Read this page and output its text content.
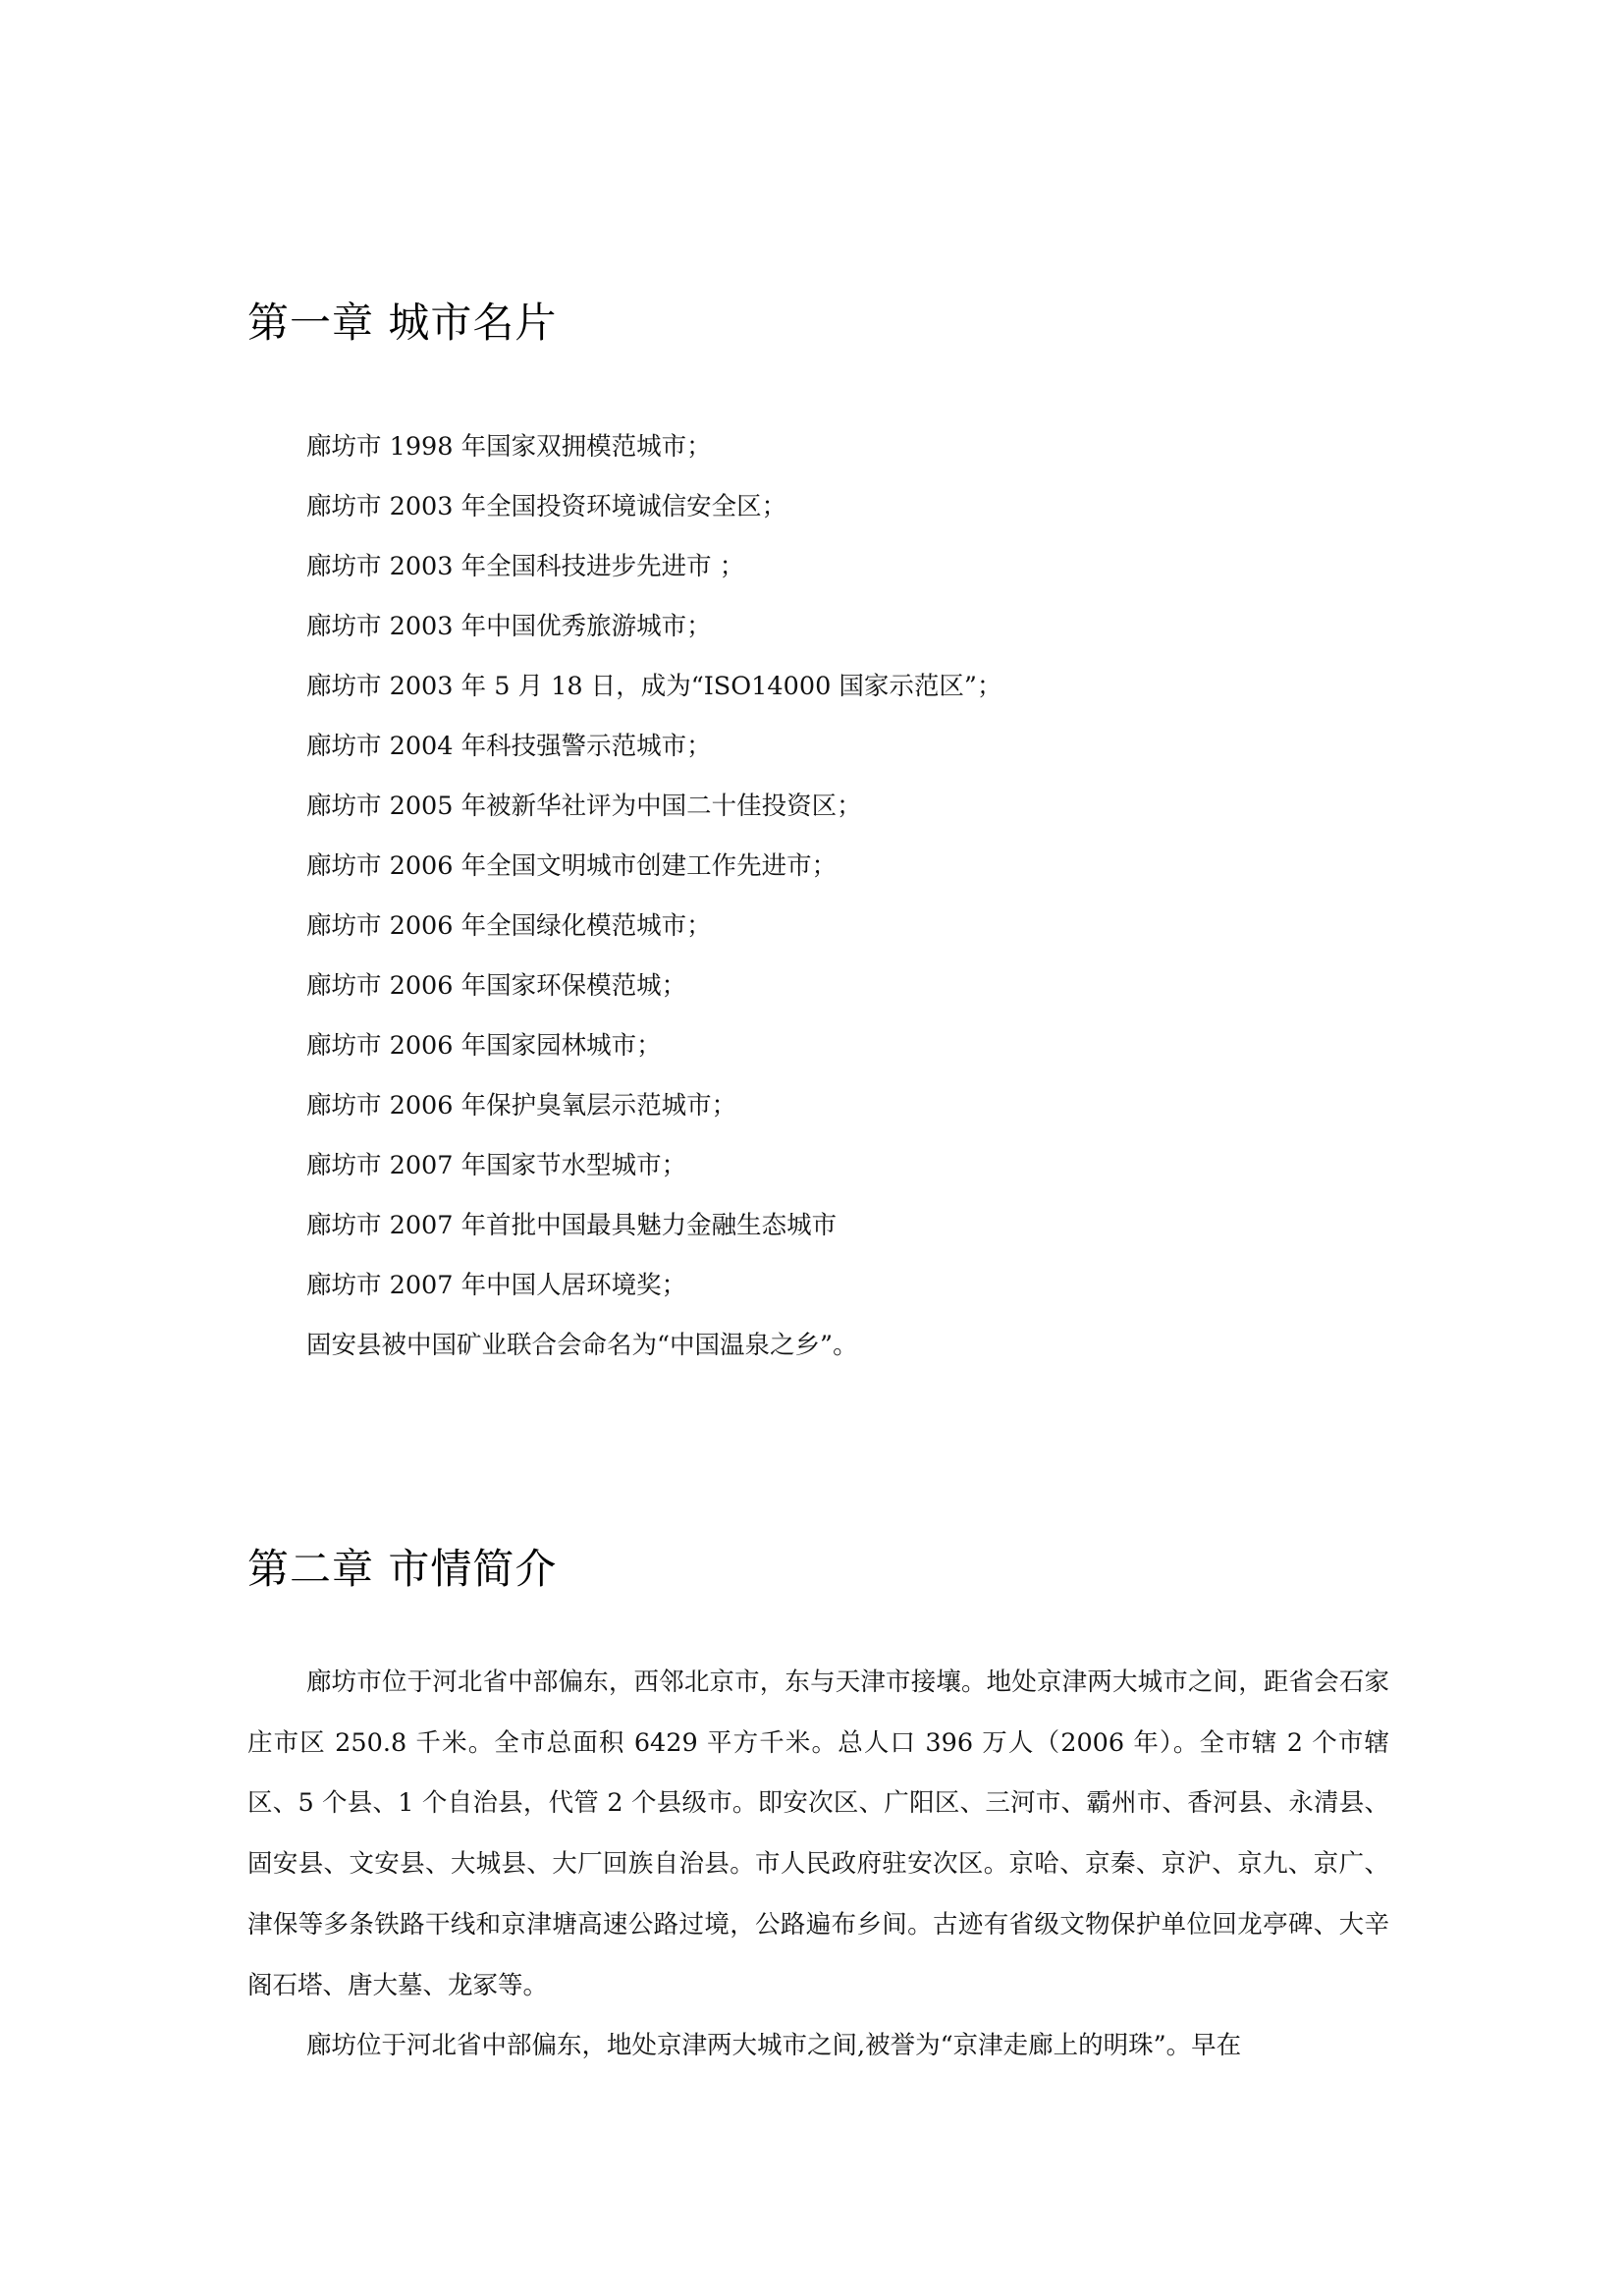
第一章 城市名片
廊坊市 1998 年国家双拥模范城市；
廊坊市 2003 年全国投资环境诚信安全区；
廊坊市 2003 年全国科技进步先进市 ；
廊坊市 2003 年中国优秀旅游城市；
廊坊市 2003 年 5 月 18 日，成为“ISO14000 国家示范区”；
廊坊市 2004 年科技强警示范城市；
廊坊市 2005 年被新华社评为中国二十佳投资区；
廊坊市 2006 年全国文明城市创建工作先进市；
廊坊市 2006 年全国绿化模范城市；
廊坊市 2006 年国家环保模范城；
廊坊市 2006 年国家园林城市；
廊坊市 2006 年保护臭氧层示范城市；
廊坊市 2007 年国家节水型城市；
廊坊市 2007 年首批中国最具魅力金融生态城市
廊坊市 2007 年中国人居环境奖；
固安县被中国矿业联合会命名为“中国温泉之乡”。
第二章 市情简介

廊坊市位于河北省中部偏东，西邻北京市，东与天津市接壤。地处京津两大城市之间，距省会石家庄市区 250.8 千米。全市总面积 6429 平方千米。总人口 396 万人（2006 年）。全市辖 2 个市辖区、5 个县、1 个自治县，代管 2 个县级市。即安次区、广阳区、三河市、霸州市、香河县、永清县、固安县、文安县、大城县、大厂回族自治县。市人民政府驻安次区。京哈、京秦、京沪、京九、京广、津保等多条铁路干线和京津塘高速公路过境，公路遍布乡间。古迹有省级文物保护单位回龙亭碑、大辛阁石塔、唐大墓、龙冢等。

廊坊位于河北省中部偏东，地处京津两大城市之间,被誉为“京津走廊上的明珠”。早在
